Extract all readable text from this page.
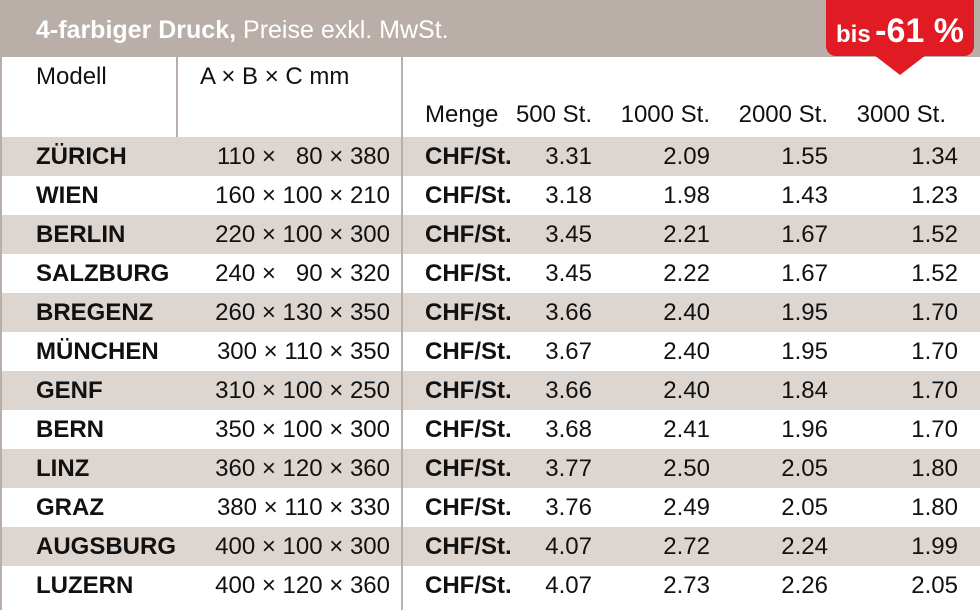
4-farbiger Druck, Preise exkl. MwSt.	bis -61 %
Modell	A × B × C mm
Menge 500 St. 1000 St. 2000 St. 3000 St.
ZÜRICH	110 ×   80 × 380 CHF/St. 3.31	2.09	1.55	1.34
WIEN	160 × 100 × 210 CHF/St. 3.18	1.98	1.43	1.23
BERLIN	220 × 100 × 300 CHF/St. 3.45	2.21	1.67	1.52
SALZBURG	240 ×   90 × 320 CHF/St. 3.45	2.22	1.67	1.52
BREGENZ	260 × 130 × 350 CHF/St. 3.66	2.40	1.95	1.70
MÜNCHEN	300 × 110 × 350 CHF/St. 3.67	2.40	1.95	1.70
GENF	310 × 100 × 250 CHF/St. 3.66	2.40	1.84	1.70
BERN	350 × 100 × 300 CHF/St. 3.68	2.41	1.96	1.70
LINZ	360 × 120 × 360 CHF/St. 3.77	2.50	2.05	1.80
GRAZ	380 × 110 × 330 CHF/St. 3.76	2.49	2.05	1.80
AUGSBURG	400 × 100 × 300 CHF/St. 4.07	2.72	2.24	1.99
LUZERN	400 × 120 × 360 CHF/St. 4.07	2.73	2.26	2.05
